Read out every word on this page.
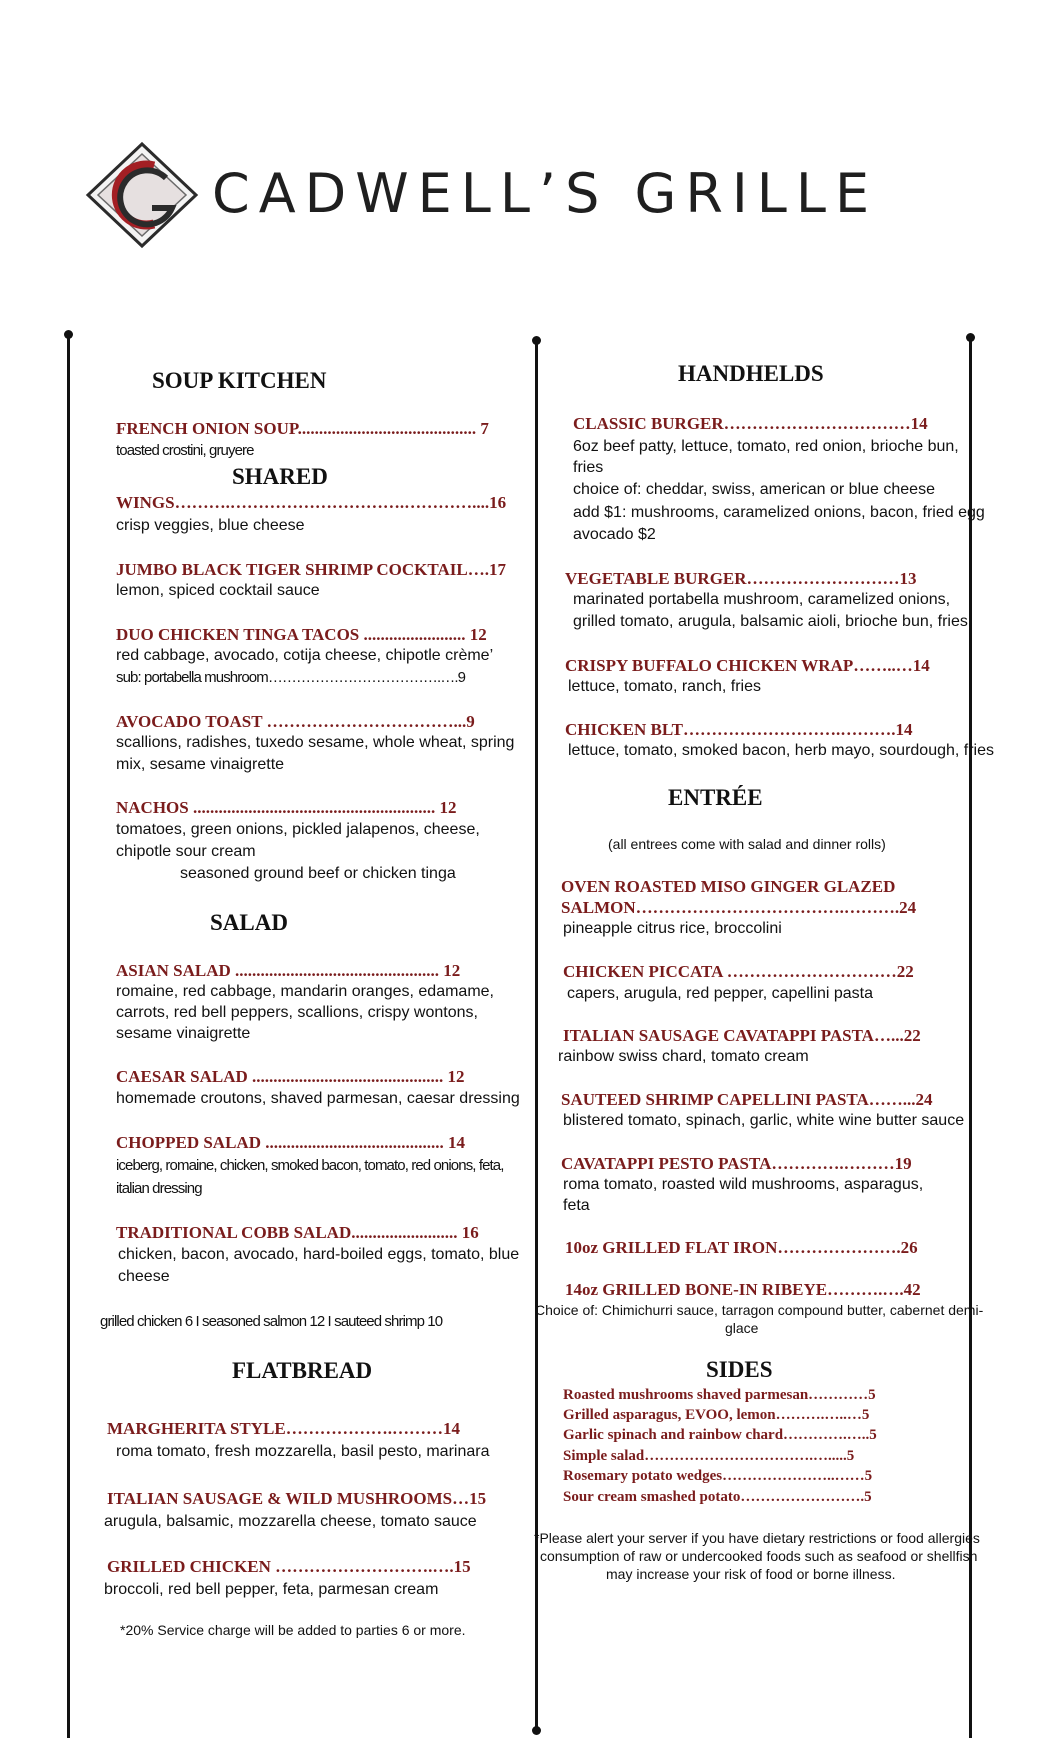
CADWELL’S GRILLE
SOUP KITCHEN
FRENCH ONION SOUP.......................................... 7
toasted crostini, gruyere
SHARED
WINGS……….………………………….…………....16
crisp veggies, blue cheese
JUMBO BLACK TIGER SHRIMP COCKTAIL….17
lemon, spiced cocktail sauce
DUO CHICKEN TINGA TACOS ........................ 12
red cabbage, avocado, cotija cheese, chipotle crème’
sub: portabella mushroom……………………………….….9
AVOCADO TOAST ……………………………...9
scallions, radishes, tuxedo sesame, whole wheat, spring
mix, sesame vinaigrette
NACHOS ......................................................... 12
tomatoes, green onions, pickled jalapenos, cheese,
chipotle sour cream
seasoned ground beef or chicken tinga
SALAD
ASIAN SALAD ................................................ 12
romaine, red cabbage, mandarin oranges, edamame,
carrots, red bell peppers, scallions, crispy wontons,
sesame vinaigrette
CAESAR SALAD ............................................. 12
homemade croutons, shaved parmesan, caesar dressing
CHOPPED SALAD .......................................... 14
iceberg, romaine, chicken, smoked bacon, tomato, red onions, feta,
italian dressing
TRADITIONAL COBB SALAD......................... 16
chicken, bacon, avocado, hard-boiled eggs, tomato, blue
cheese
grilled chicken 6 I seasoned salmon 12 I sauteed shrimp 10
FLATBREAD
MARGHERITA STYLE……………….………14
roma tomato, fresh mozzarella, basil pesto, marinara
ITALIAN SAUSAGE & WILD MUSHROOMS…15
arugula, balsamic, mozzarella cheese, tomato sauce
GRILLED CHICKEN ……………………….….15
broccoli, red bell pepper, feta, parmesan cream
*20% Service charge will be added to parties 6 or more.
HANDHELDS
CLASSIC BURGER……………………………14
6oz beef patty, lettuce, tomato, red onion, brioche bun,
fries
choice of: cheddar, swiss, american or blue cheese
add $1: mushrooms, caramelized onions, bacon, fried egg
avocado $2
VEGETABLE BURGER………………………13
marinated portabella mushroom, caramelized onions,
grilled tomato, arugula, balsamic aioli, brioche bun, fries
CRISPY BUFFALO CHICKEN WRAP……..…14
lettuce, tomato, ranch, fries
CHICKEN BLT……………………….……….14
lettuce, tomato, smoked bacon, herb mayo, sourdough, fries
ENTRÉE
(all entrees come with salad and dinner rolls)
OVEN ROASTED MISO GINGER GLAZED
SALMON……………………………….……….24
pineapple citrus rice, broccolini
CHICKEN PICCATA …………………………22
capers, arugula, red pepper, capellini pasta
ITALIAN SAUSAGE CAVATAPPI PASTA…...22
rainbow swiss chard, tomato cream
SAUTEED SHRIMP CAPELLINI PASTA……...24
blistered tomato, spinach, garlic, white wine butter sauce
CAVATAPPI PESTO PASTA………….………19
roma tomato, roasted wild mushrooms, asparagus,
feta
10oz GRILLED FLAT IRON………………….26
14oz GRILLED BONE-IN RIBEYE……….….42
Choice of: Chimichurri sauce, tarragon compound butter, cabernet demi-
glace
SIDES
Roasted mushrooms shaved parmesan…………5
Grilled asparagus, EVOO, lemon……….…..…5
Garlic spinach and rainbow chard………….…..5
Simple salad…………………………….….....5
Rosemary potato wedges…………………..……5
Sour cream smashed potato…………………….5
*Please alert your server if you have dietary restrictions or food allergies
consumption of raw or undercooked foods such as seafood or shellfish
may increase your risk of food or borne illness.
